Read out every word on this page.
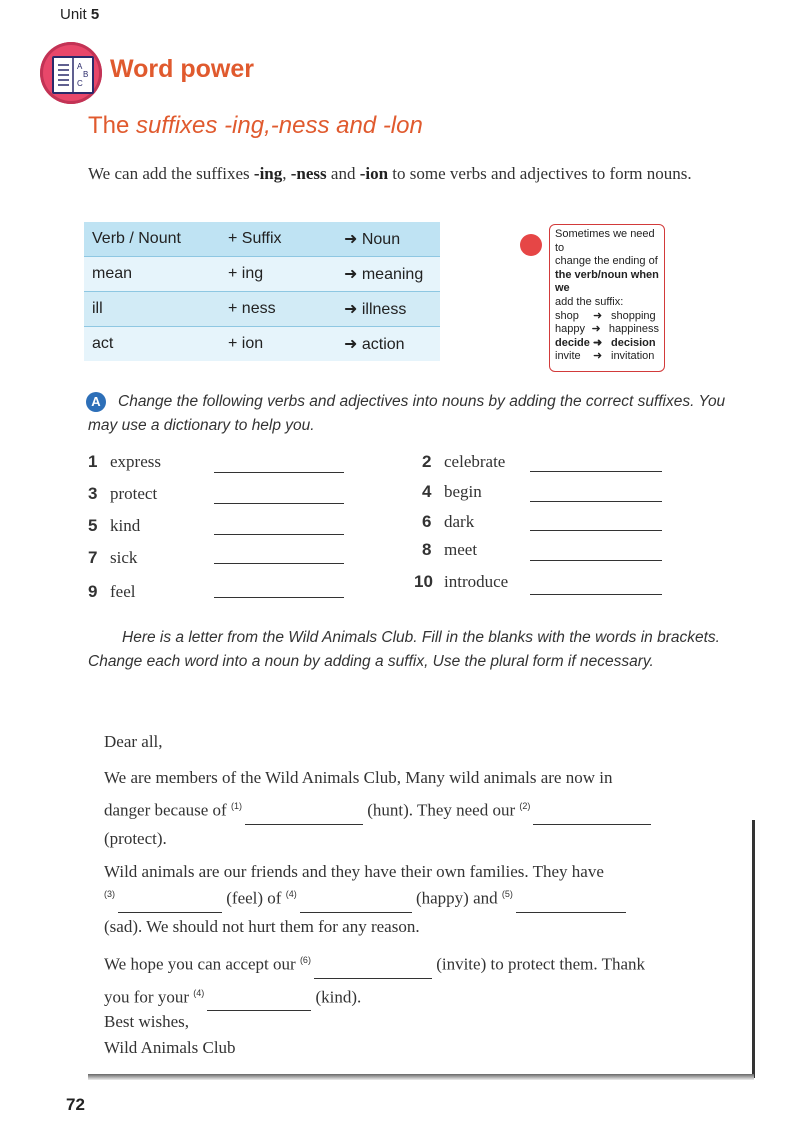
Unit 5
A
B
C
Word power
The suffixes -ing,-ness and -lon
We can add the suffixes -ing, -ness and -ion to some verbs and adjectives to form nouns.
Verb / Nount	+ Suffix	➜ Noun
mean	+ ing	➜ meaning
ill	+ ness	➜ illness
act	+ ion	➜ action
Sometimes we need to
change the ending of
the verb/noun when we
add the suffix:
shop	➜ shopping
happy ➜ happiness
decide ➜ decision
invite	➜ invitation
A	Change the following verbs and adjectives into nouns by adding the correct suffixes. You may use a dictionary to help you.
1 express
3 protect
5 kind
7 sick
9 feel
2 celebrate
4 begin
6 dark
8 meet
10 introduce
Here is a letter from the Wild Animals Club. Fill in the blanks with the words in brackets. Change each word into a noun by adding a suffix, Use the plural form if necessary.
Dear all,
We are members of the Wild Animals Club, Many wild animals are now in
danger because of $^{(1)}$	(hunt). They need our $^{(2)}$
(protect).
Wild animals are our friends and they have their own families. They have
$^{(3)}$	(feel) of $^{(4)}$	(happy) and $^{(5)}$
(sad). We should not hurt them for any reason.
We hope you can accept our $^{(6)}$	(invite) to protect them. Thank
you for your $^{(4)}$	(kind).
Best wishes,
Wild Animals Club
72
